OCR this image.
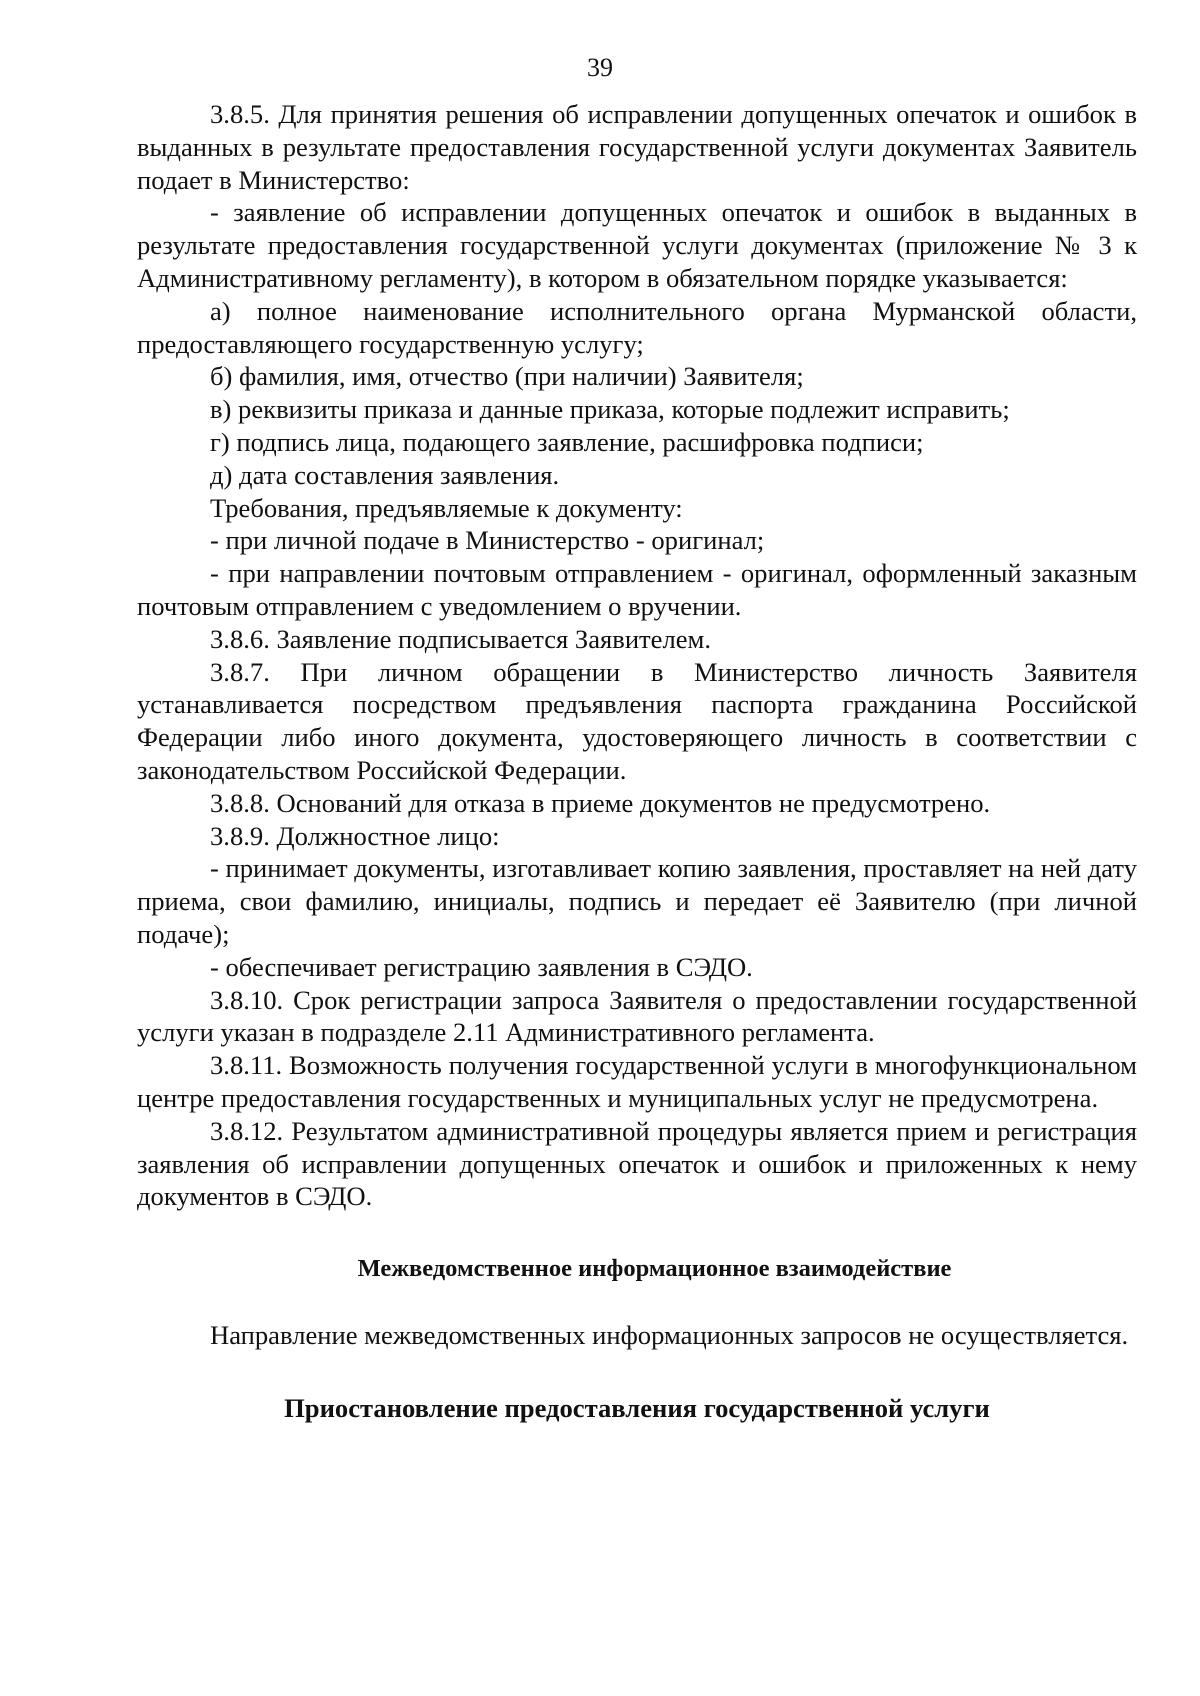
39

3.8.5. Для принятия решения об исправлении допущенных опечаток и ошибок в выданных в результате предоставления государственной услуги документах Заявитель подает в Министерство:

- заявление об исправлении допущенных опечаток и ошибок в выданных в результате предоставления государственной услуги документах (приложение № 3 к Административному регламенту), в котором в обязательном порядке указывается:

а) полное наименование исполнительного органа Мурманской области, предоставляющего государственную услугу;

б) фамилия, имя, отчество (при наличии) Заявителя;

в) реквизиты приказа и данные приказа, которые подлежит исправить;

г) подпись лица, подающего заявление, расшифровка подписи;

д) дата составления заявления.

Требования, предъявляемые к документу:

- при личной подаче в Министерство - оригинал;

- при направлении почтовым отправлением - оригинал, оформленный заказным почтовым отправлением с уведомлением о вручении.

3.8.6. Заявление подписывается Заявителем.

3.8.7. При личном обращении в Министерство личность Заявителя устанавливается посредством предъявления паспорта гражданина Российской Федерации либо иного документа, удостоверяющего личность в соответствии с законодательством Российской Федерации.

3.8.8. Оснований для отказа в приеме документов не предусмотрено.

3.8.9. Должностное лицо:

- принимает документы, изготавливает копию заявления, проставляет на ней дату приема, свои фамилию, инициалы, подпись и передает её Заявителю (при личной подаче);

- обеспечивает регистрацию заявления в СЭДО.

3.8.10. Срок регистрации запроса Заявителя о предоставлении государственной услуги указан в подразделе 2.11 Административного регламента.

3.8.11. Возможность получения государственной услуги в многофункциональном центре предоставления государственных и муниципальных услуг не предусмотрена.

3.8.12. Результатом административной процедуры является прием и регистрация заявления об исправлении допущенных опечаток и ошибок и приложенных к нему документов в СЭДО.

Межведомственное информационное взаимодействие

Направление межведомственных информационных запросов не осуществляется.

Приостановление предоставления государственной услуги
